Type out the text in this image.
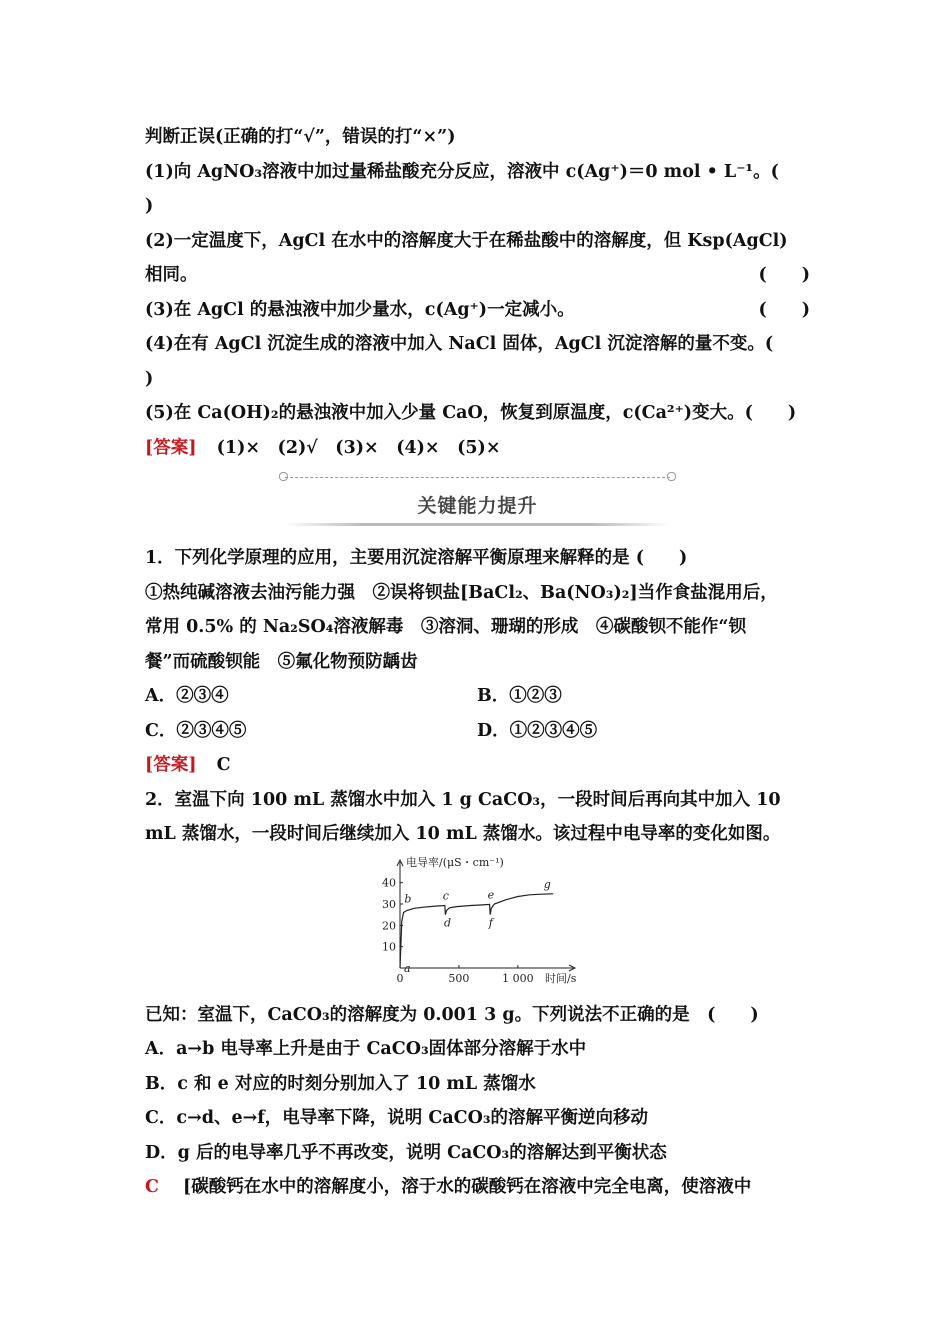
判断正误(正确的打“√”，错误的打“×”)
(1)向 AgNO₃溶液中加过量稀盐酸充分反应，溶液中 c(Ag⁺)＝0 mol • L⁻¹。(
)
(2)一定温度下，AgCl 在水中的溶解度大于在稀盐酸中的溶解度，但 Ksp(AgCl)
相同。	(　　)
(3)在 AgCl 的悬浊液中加少量水，c(Ag⁺)一定减小。	(　　)
(4)在有 AgCl 沉淀生成的溶液中加入 NaCl 固体，AgCl 沉淀溶解的量不变。(
)
(5)在 Ca(OH)₂的悬浊液中加入少量 CaO，恢复到原温度，c(Ca²⁺)变大。(　　)
[答案] (1)×　(2)√　(3)×　(4)×　(5)×
关键能力提升
1．下列化学原理的应用，主要用沉淀溶解平衡原理来解释的是 (　　)
①热纯碱溶液去油污能力强　②误将钡盐[BaCl₂、Ba(NO₃)₂]当作食盐混用后，
常用 0.5% 的 Na₂SO₄溶液解毒　③溶洞、珊瑚的形成　④碳酸钡不能作“钡
餐”而硫酸钡能　⑤氟化物预防龋齿
A．②③④	B．①②③
C．②③④⑤	D．①②③④⑤
[答案] C
2．室温下向 100 mL 蒸馏水中加入 1 g CaCO₃，一段时间后再向其中加入 10
mL 蒸馏水，一段时间后继续加入 10 mL 蒸馏水。该过程中电导率的变化如图。
电导率/(μS・cm⁻¹)
时间/s
40
30
20
10
0	500	1 000
a
b	c
d
e
f
g
已知：室温下，CaCO₃的溶解度为 0.001 3 g。下列说法不正确的是　(　　)
A．a→b 电导率上升是由于 CaCO₃固体部分溶解于水中
B．c 和 e 对应的时刻分别加入了 10 mL 蒸馏水
C．c→d、e→f，电导率下降，说明 CaCO₃的溶解平衡逆向移动
D．g 后的电导率几乎不再改变，说明 CaCO₃的溶解达到平衡状态
C [碳酸钙在水中的溶解度小，溶于水的碳酸钙在溶液中完全电离，使溶液中
